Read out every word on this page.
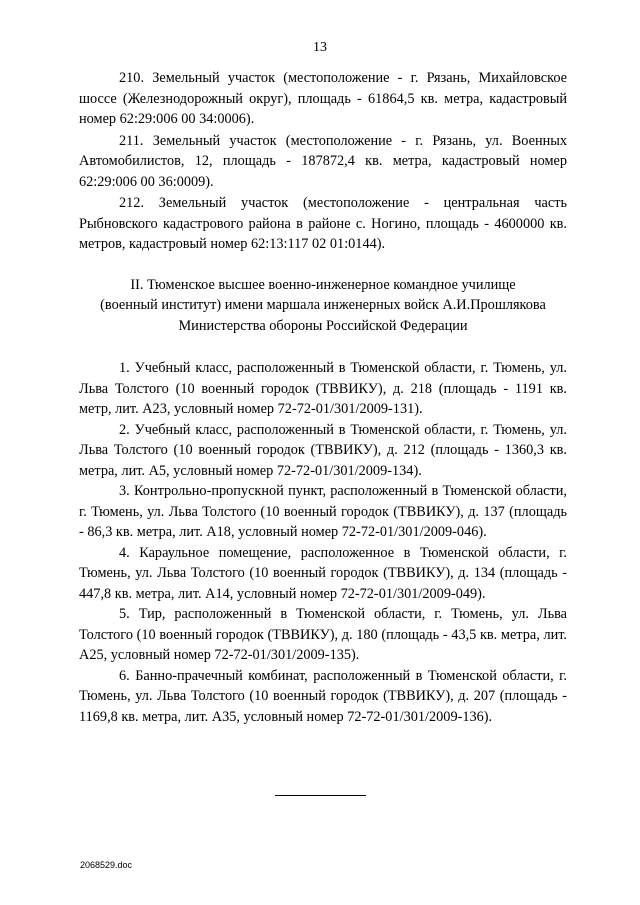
13

210. Земельный участок (местоположение - г. Рязань, Михайловское шоссе (Железнодорожный округ), площадь - 61864,5 кв. метра, кадастровый номер 62:29:006 00 34:0006).

211. Земельный участок (местоположение - г. Рязань, ул. Военных Автомобилистов, 12, площадь - 187872,4 кв. метра, кадастровый номер 62:29:006 00 36:0009).

212. Земельный участок (местоположение - центральная часть Рыбновского кадастрового района в районе с. Ногино, площадь - 4600000 кв. метров, кадастровый номер 62:13:117 02 01:0144).

II. Тюменское высшее военно-инженерное командное училище
(военный институт) имени маршала инженерных войск А.И.Прошлякова
Министерства обороны Российской Федерации

1. Учебный класс, расположенный в Тюменской области, г. Тюмень, ул. Льва Толстого (10 военный городок (ТВВИКУ), д. 218 (площадь - 1191 кв. метр, лит. А23, условный номер 72-72-01/301/2009-131).

2. Учебный класс, расположенный в Тюменской области, г. Тюмень, ул. Льва Толстого (10 военный городок (ТВВИКУ), д. 212 (площадь - 1360,3 кв. метра, лит. А5, условный номер 72-72-01/301/2009-134).

3. Контрольно-пропускной пункт, расположенный в Тюменской области, г. Тюмень, ул. Льва Толстого (10 военный городок (ТВВИКУ), д. 137 (площадь - 86,3 кв. метра, лит. А18, условный номер 72-72-01/301/2009-046).

4. Караульное помещение, расположенное в Тюменской области, г. Тюмень, ул. Льва Толстого (10 военный городок (ТВВИКУ), д. 134 (площадь - 447,8 кв. метра, лит. А14, условный номер 72-72-01/301/2009-049).

5. Тир, расположенный в Тюменской области, г. Тюмень, ул. Льва Толстого (10 военный городок (ТВВИКУ), д. 180 (площадь - 43,5 кв. метра, лит. А25, условный номер 72-72-01/301/2009-135).

6. Банно-прачечный комбинат, расположенный в Тюменской области, г. Тюмень, ул. Льва Толстого (10 военный городок (ТВВИКУ), д. 207 (площадь - 1169,8 кв. метра, лит. А35, условный номер 72-72-01/301/2009-136).

2068529.doc
